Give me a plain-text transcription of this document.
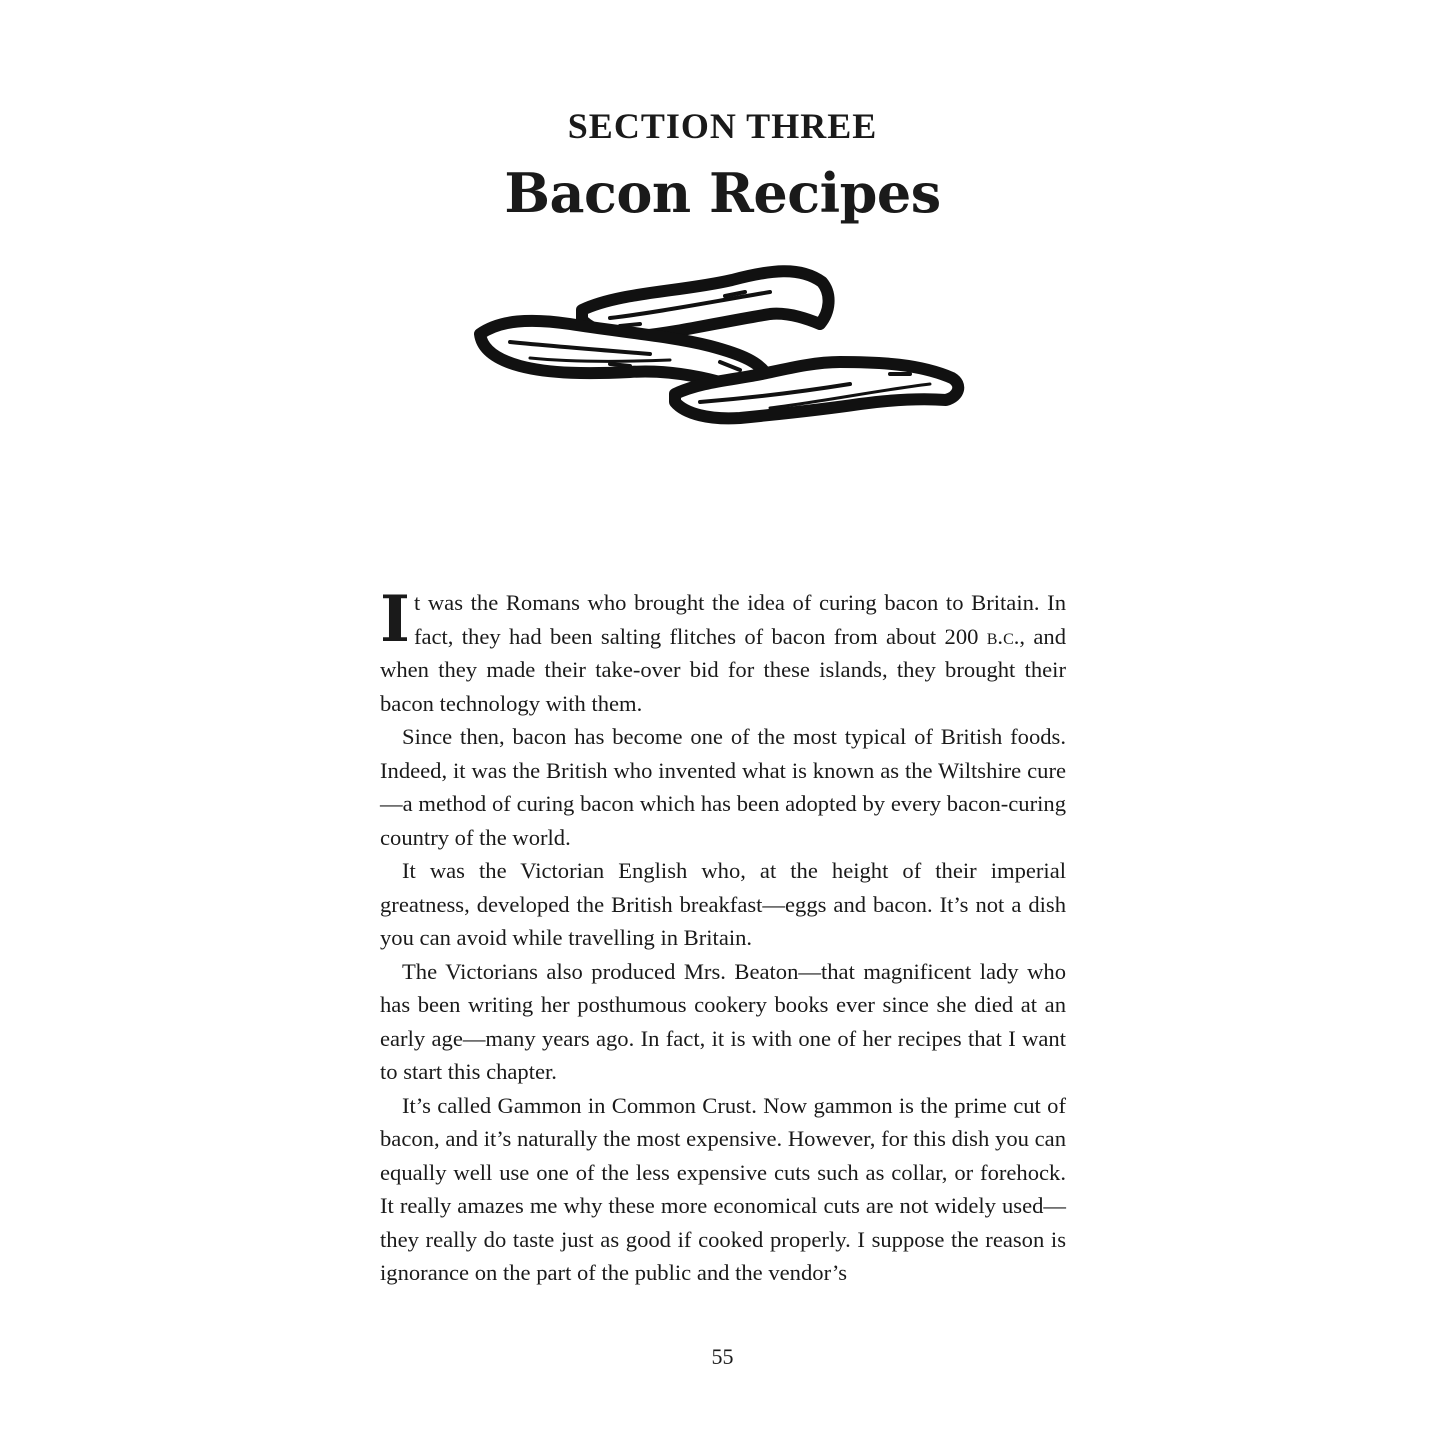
SECTION THREE
Bacon Recipes

It was the Romans who brought the idea of curing bacon to Britain. In fact, they had been salting flitches of bacon from about 200 b.c., and when they made their take-over bid for these islands, they brought their bacon technology with them.

Since then, bacon has become one of the most typical of British foods. Indeed, it was the British who invented what is known as the Wiltshire cure—a method of curing bacon which has been adopted by every bacon-curing country of the world.

It was the Victorian English who, at the height of their imperial greatness, developed the British breakfast—eggs and bacon. It’s not a dish you can avoid while travelling in Britain.

The Victorians also produced Mrs. Beaton—that magnificent lady who has been writing her posthumous cookery books ever since she died at an early age—many years ago. In fact, it is with one of her recipes that I want to start this chapter.

It’s called Gammon in Common Crust. Now gammon is the prime cut of bacon, and it’s naturally the most expensive. However, for this dish you can equally well use one of the less expensive cuts such as collar, or forehock. It really amazes me why these more economical cuts are not widely used—they really do taste just as good if cooked properly. I suppose the reason is ignorance on the part of the public and the vendor’s

55
